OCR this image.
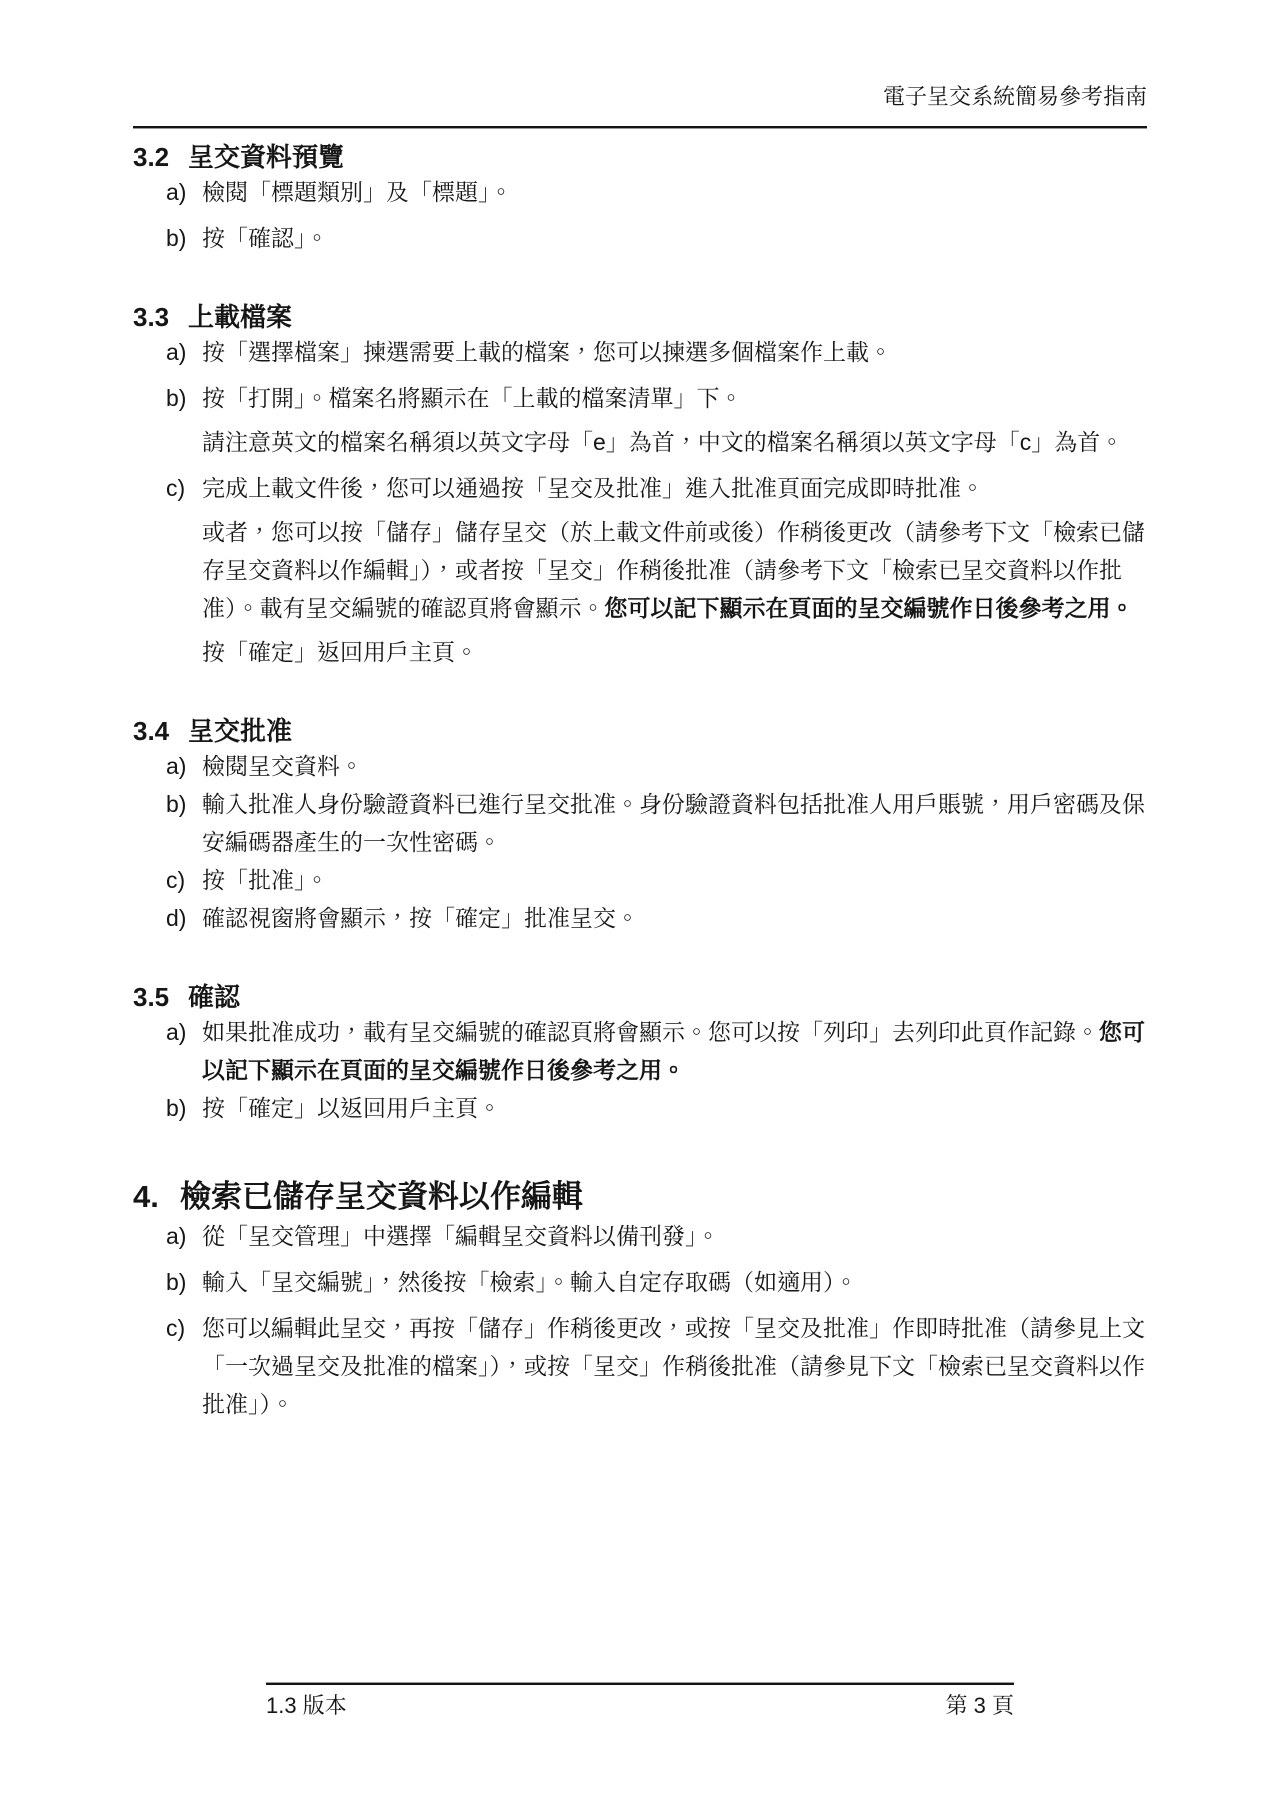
電子呈交系統簡易參考指南
3.2 呈交資料預覽
a) 檢閱「標題類別」及「標題」。

b) 按「確認」。

3.3 上載檔案
a) 按「選擇檔案」揀選需要上載的檔案，您可以揀選多個檔案作上載。

b) 按「打開」。檔案名將顯示在「上載的檔案清單」下。

請注意英文的檔案名稱須以英文字母「e」為首，中文的檔案名稱須以英文字母「c」為首。

c) 完成上載文件後，您可以通過按「呈交及批准」進入批准頁面完成即時批准。

或者，您可以按「儲存」儲存呈交（於上載文件前或後）作稍後更改（請參考下文「檢索已儲存呈交資料以作編輯」），或者按「呈交」作稍後批准（請參考下文「檢索已呈交資料以作批准）。載有呈交編號的確認頁將會顯示。您可以記下顯示在頁面的呈交編號作日後參考之用。

按「確定」返回用戶主頁。

3.4 呈交批准
a) 檢閱呈交資料。

b) 輸入批准人身份驗證資料已進行呈交批准。身份驗證資料包括批准人用戶賬號，用戶密碼及保安編碼器產生的一次性密碼。

c) 按「批准」。

d) 確認視窗將會顯示，按「確定」批准呈交。

3.5 確認
a) 如果批准成功，載有呈交編號的確認頁將會顯示。您可以按「列印」去列印此頁作記錄。您可以記下顯示在頁面的呈交編號作日後參考之用。

b) 按「確定」以返回用戶主頁。

4. 檢索已儲存呈交資料以作編輯
a) 從「呈交管理」中選擇「編輯呈交資料以備刊發」。

b) 輸入「呈交編號」，然後按「檢索」。輸入自定存取碼（如適用）。

c) 您可以編輯此呈交，再按「儲存」作稍後更改，或按「呈交及批准」作即時批准（請參見上文「一次過呈交及批准的檔案」），或按「呈交」作稍後批准（請參見下文「檢索已呈交資料以作批准」）。

1.3 版本	第 3 頁
